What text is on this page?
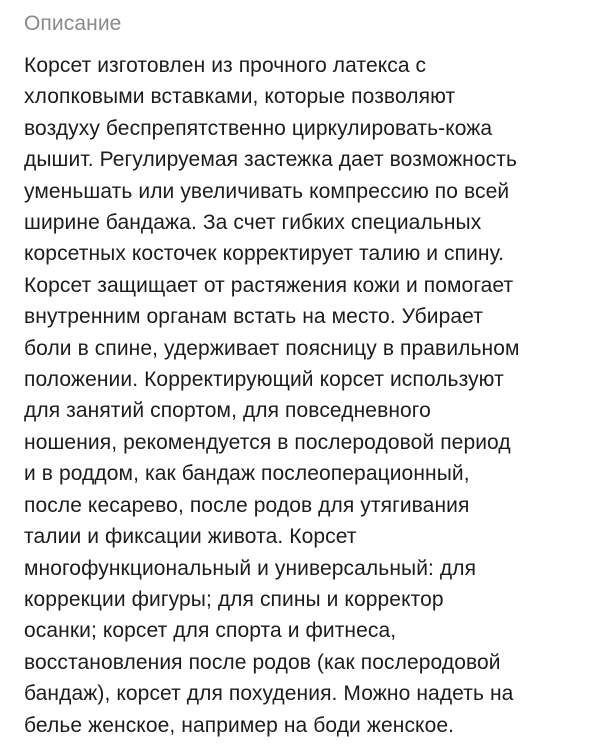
Описание

Корсет изготовлен из прочного латекса с
хлопковыми вставками, которые позволяют
воздуху беспрепятственно циркулировать-кожа
дышит. Регулируемая застежка дает возможность
уменьшать или увеличивать компрессию по всей
ширине бандажа. За счет гибких специальных
корсетных косточек корректирует талию и спину.
Корсет защищает от растяжения кожи и помогает
внутренним органам встать на место. Убирает
боли в спине, удерживает поясницу в правильном
положении. Корректирующий корсет используют
для занятий спортом, для повседневного
ношения, рекомендуется в послеродовой период
и в роддом, как бандаж послеоперационный,
после кесарево, после родов для утягивания
талии и фиксации живота. Корсет
многофункциональный и универсальный: для
коррекции фигуры; для спины и корректор
осанки; корсет для спорта и фитнеса,
восстановления после родов (как послеродовой
бандаж), корсет для похудения. Можно надеть на
белье женское, например на боди женское.
